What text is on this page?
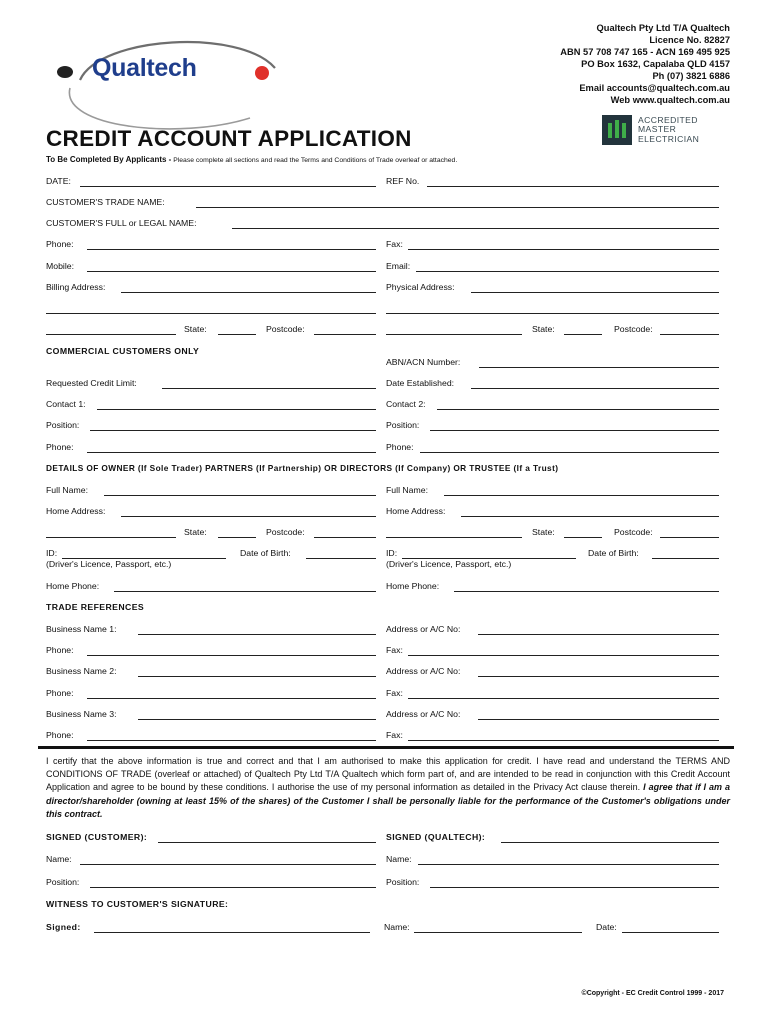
Qualtech
Qualtech Pty Ltd T/A Qualtech
Licence No. 82827
ABN 57 708 747 165 - ACN 169 495 925
PO Box 1632, Capalaba QLD 4157
Ph (07) 3821 6886
Email accounts@qualtech.com.au
Web www.qualtech.com.au
ACCREDITED
MASTER
ELECTRICIAN
CREDIT ACCOUNT APPLICATION
To Be Completed By Applicants - Please complete all sections and read the Terms and Conditions of Trade overleaf or attached.
DATE:	REF No.
CUSTOMER'S TRADE NAME:
CUSTOMER'S FULL or LEGAL NAME:
Phone:	Fax:
Mobile:	Email:
Billing Address:	Physical Address:
State:	Postcode:	State:	Postcode:
COMMERCIAL CUSTOMERS ONLY
ABN/ACN Number:
Requested Credit Limit:	Date Established:
Contact 1:	Contact 2:
Position:	Position:
Phone:	Phone:
DETAILS OF OWNER (If Sole Trader) PARTNERS (If Partnership) OR DIRECTORS (If Company) OR TRUSTEE (If a Trust)
Full Name:	Full Name:
Home Address:	Home Address:
State:	Postcode:	State:	Postcode:
ID:	Date of Birth:
(Driver's Licence, Passport, etc.)
ID:	Date of Birth:
(Driver's Licence, Passport, etc.)
Home Phone:	Home Phone:
TRADE REFERENCES
Business Name 1:	Address or A/C No:
Phone:	Fax:
Business Name 2:	Address or A/C No:
Phone:	Fax:
Business Name 3:	Address or A/C No:
Phone:	Fax:
I certify that the above information is true and correct and that I am authorised to make this application for credit. I have read and understand the TERMS AND CONDITIONS OF TRADE (overleaf or attached) of Qualtech Pty Ltd T/A Qualtech which form part of, and are intended to be read in conjunction with this Credit Account Application and agree to be bound by these conditions. I authorise the use of my personal information as detailed in the Privacy Act clause therein. I agree that if I am a director/shareholder (owning at least 15% of the shares) of the Customer I shall be personally liable for the performance of the Customer's obligations under this contract.
SIGNED (CUSTOMER):	SIGNED (QUALTECH):
Name:	Name:
Position:	Position:
WITNESS TO CUSTOMER'S SIGNATURE:
Signed:	Name:	Date:
©Copyright - EC Credit Control 1999 - 2017
